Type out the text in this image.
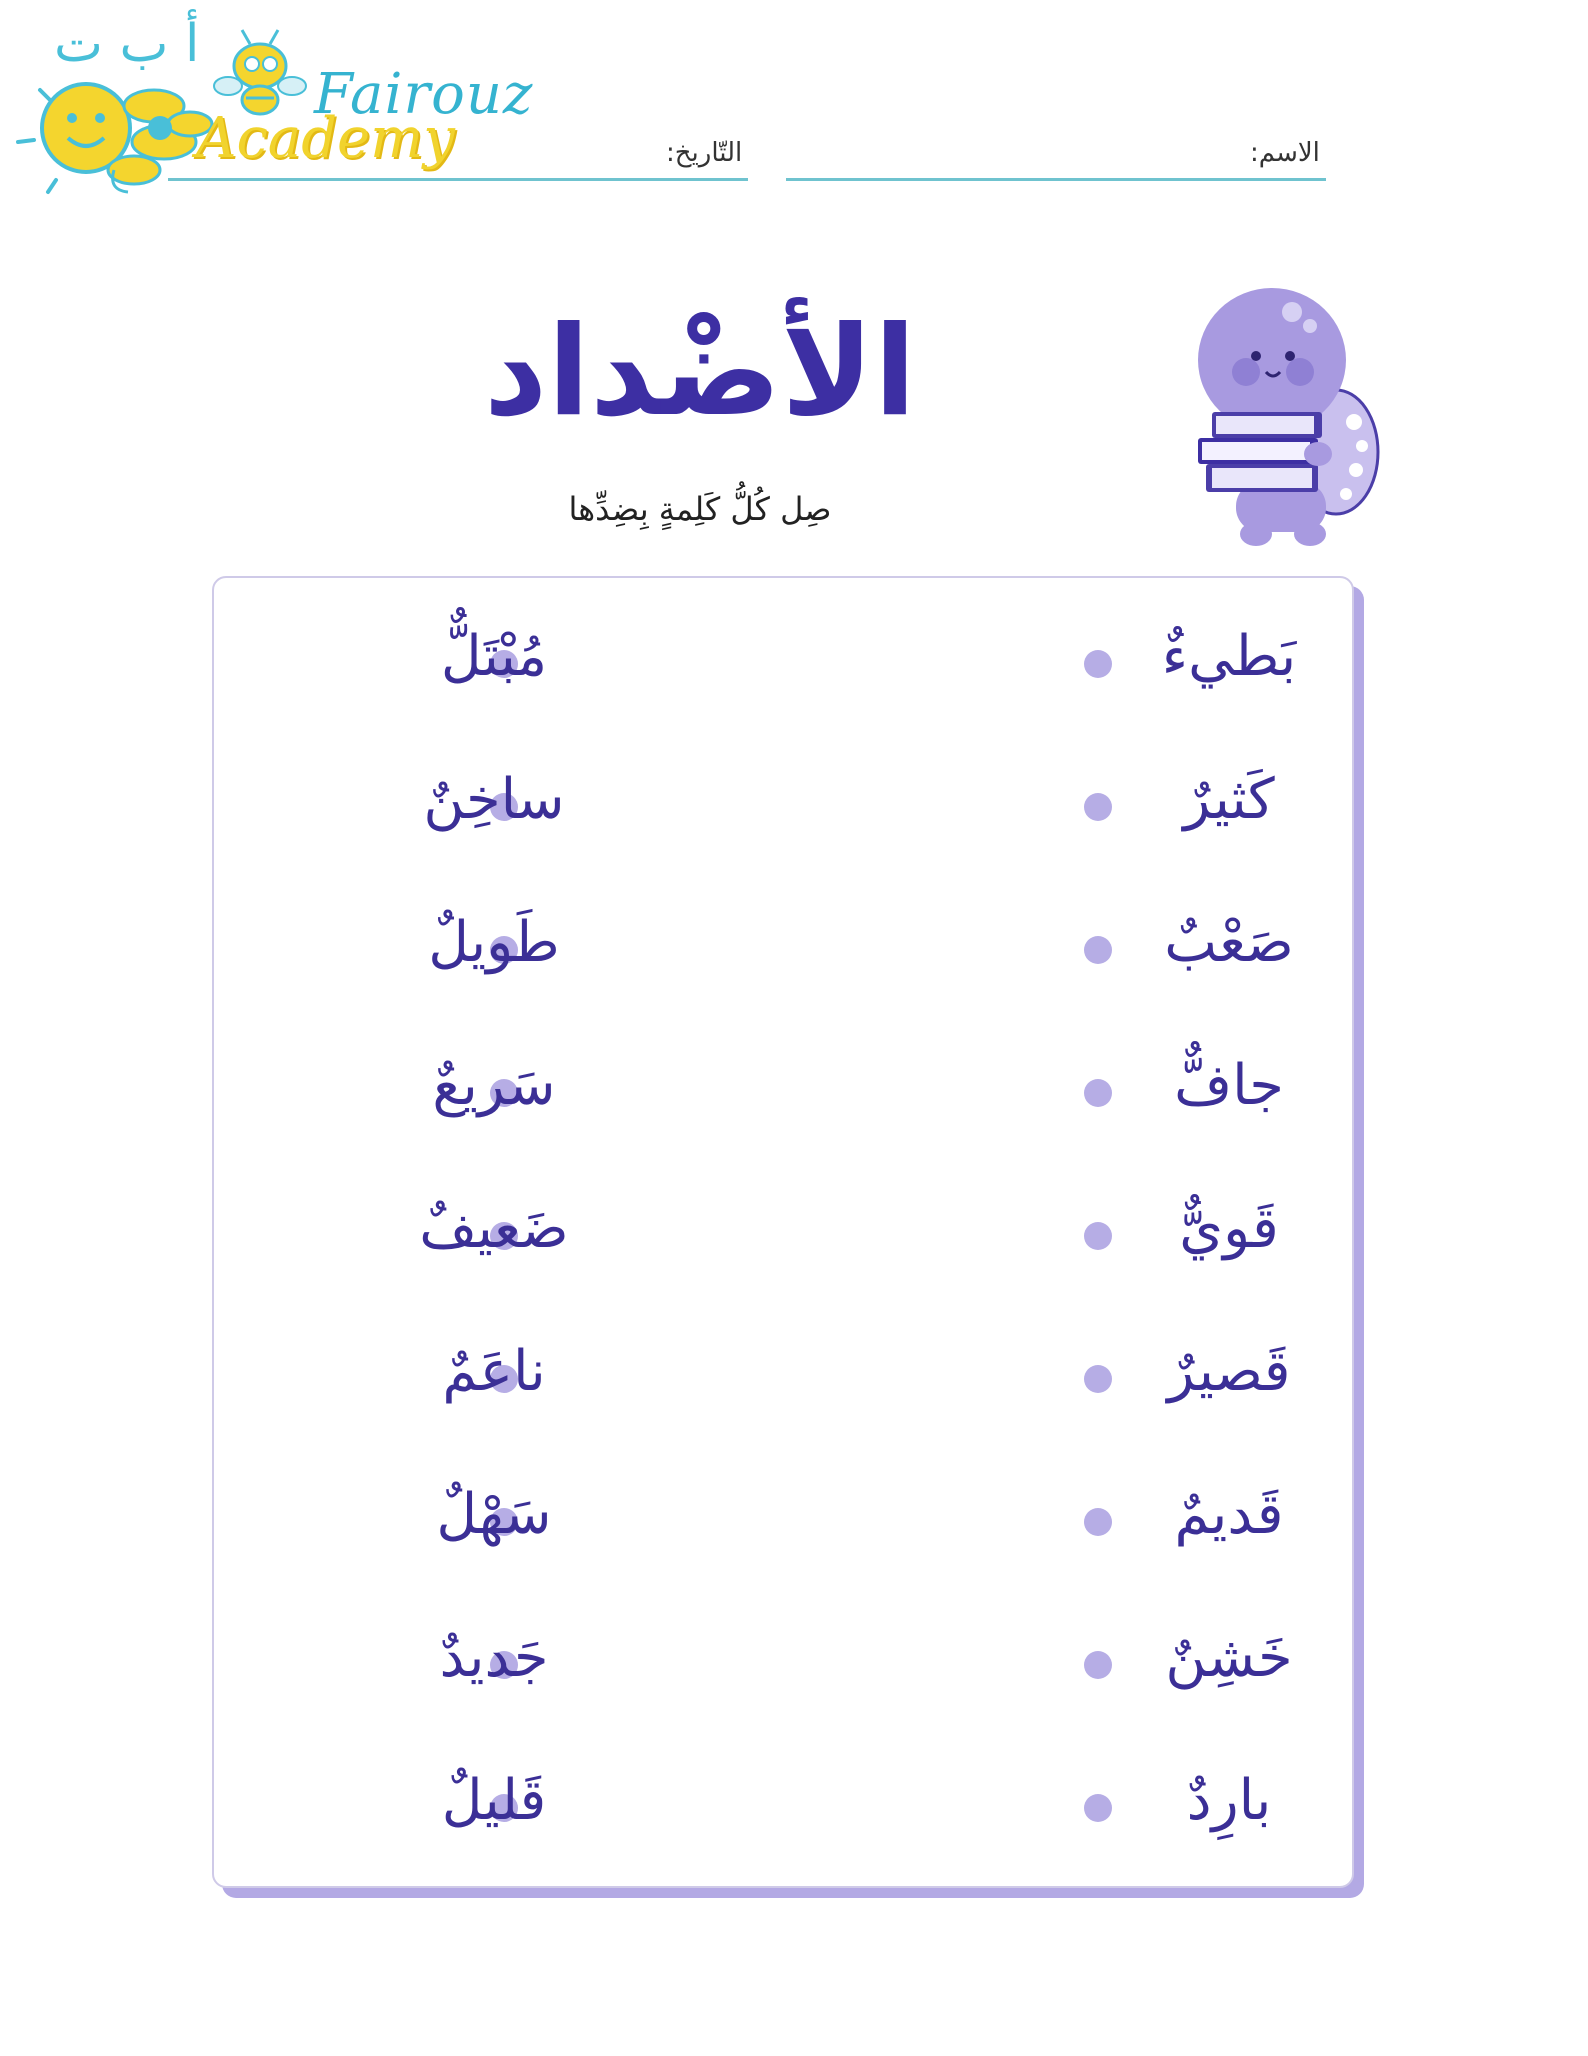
أ ب ت
Fairouz
Academy	الاسم:
التّاريخ:
الأضْداد
صِل كُلُّ كَلِمةٍ بِضِدِّها
بَطيءٌ
مُبْتَلٌّ
كَثيرٌ
ساخِنٌ
صَعْبٌ
طَويلٌ
جافٌّ
سَريعٌ
قَويٌّ
ضَعيفٌ
قَصيرٌ
ناعَمٌ
قَديمٌ
سَهْلٌ
خَشِنٌ
جَديدٌ
بارِدٌ
قَليلٌ
